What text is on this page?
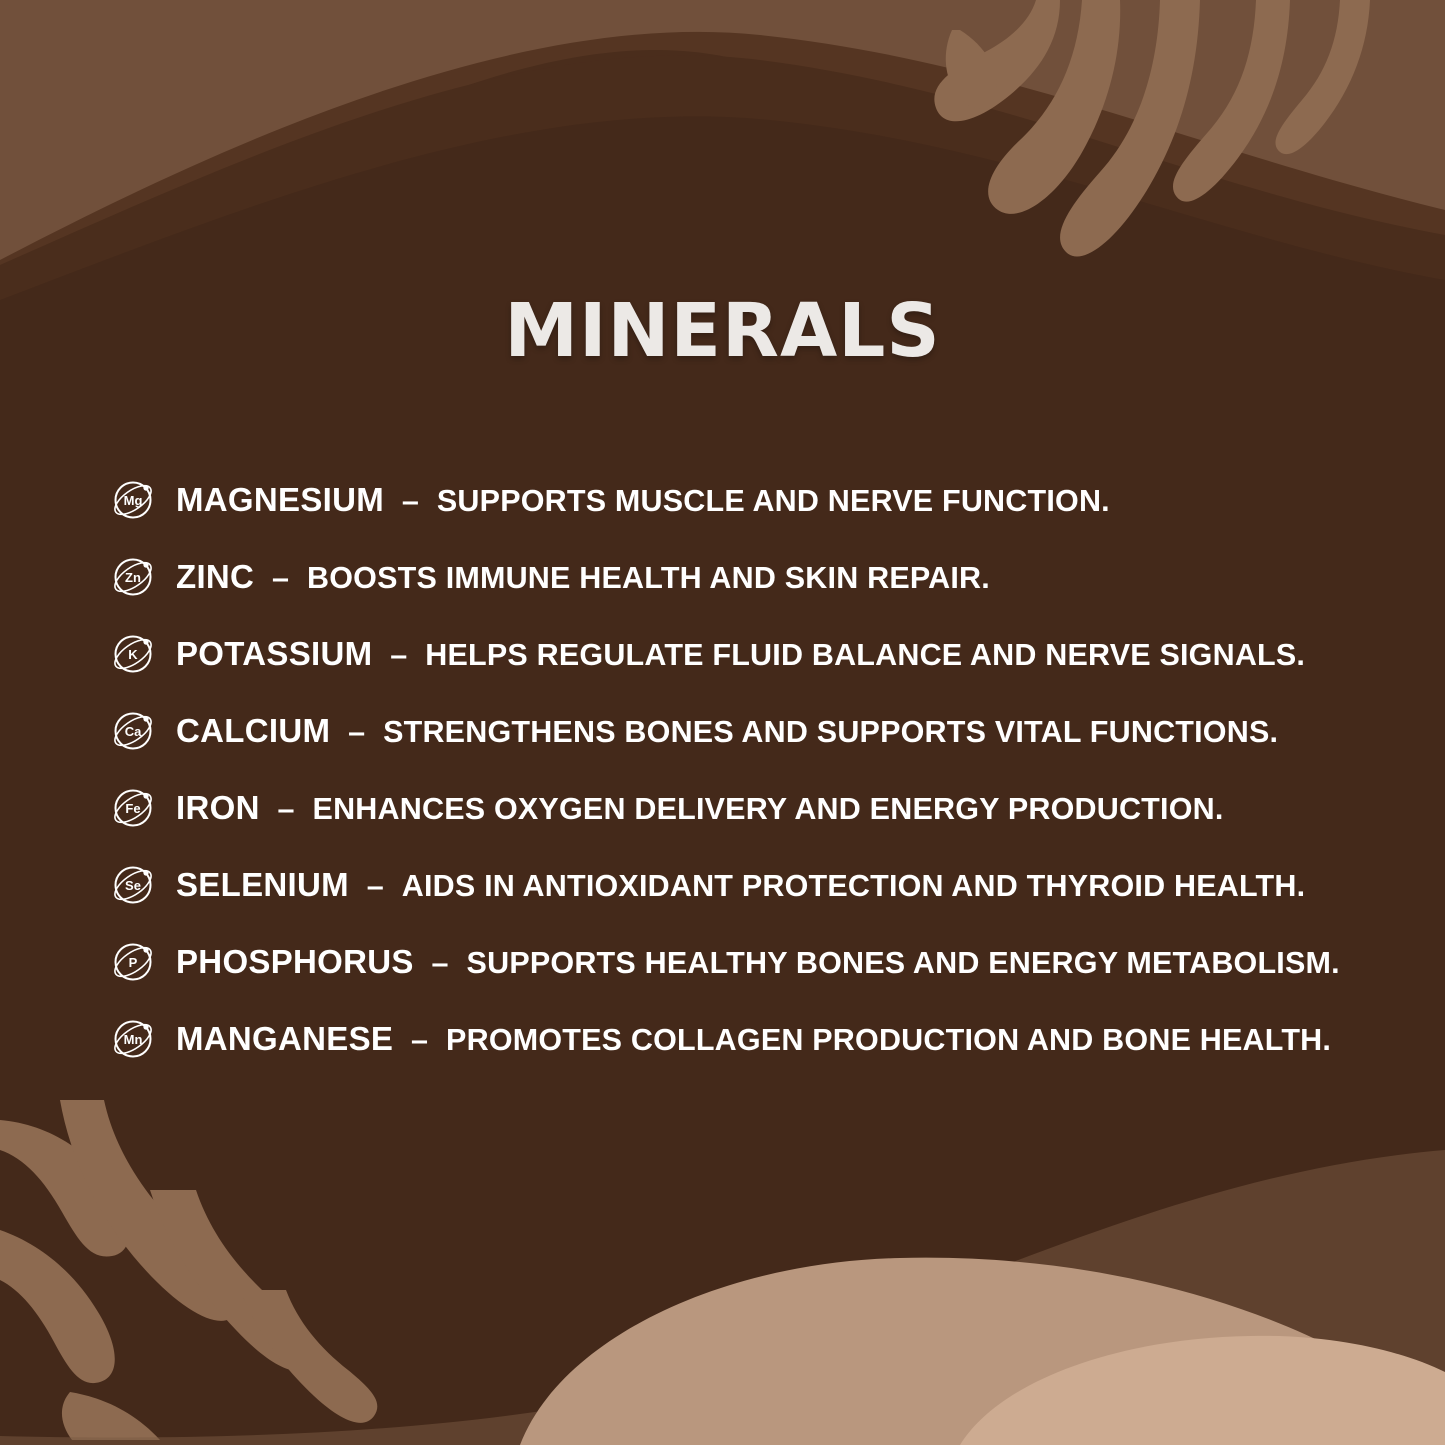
MINERALS
Mg MAGNESIUM – SUPPORTS MUSCLE AND NERVE FUNCTION.
Zn ZINC – BOOSTS IMMUNE HEALTH AND SKIN REPAIR.
K POTASSIUM – HELPS REGULATE FLUID BALANCE AND NERVE SIGNALS.
Ca CALCIUM – STRENGTHENS BONES AND SUPPORTS VITAL FUNCTIONS.
Fe IRON – ENHANCES OXYGEN DELIVERY AND ENERGY PRODUCTION.
Se SELENIUM – AIDS IN ANTIOXIDANT PROTECTION AND THYROID HEALTH.
P PHOSPHORUS – SUPPORTS HEALTHY BONES AND ENERGY METABOLISM.
Mn MANGANESE – PROMOTES COLLAGEN PRODUCTION AND BONE HEALTH.
